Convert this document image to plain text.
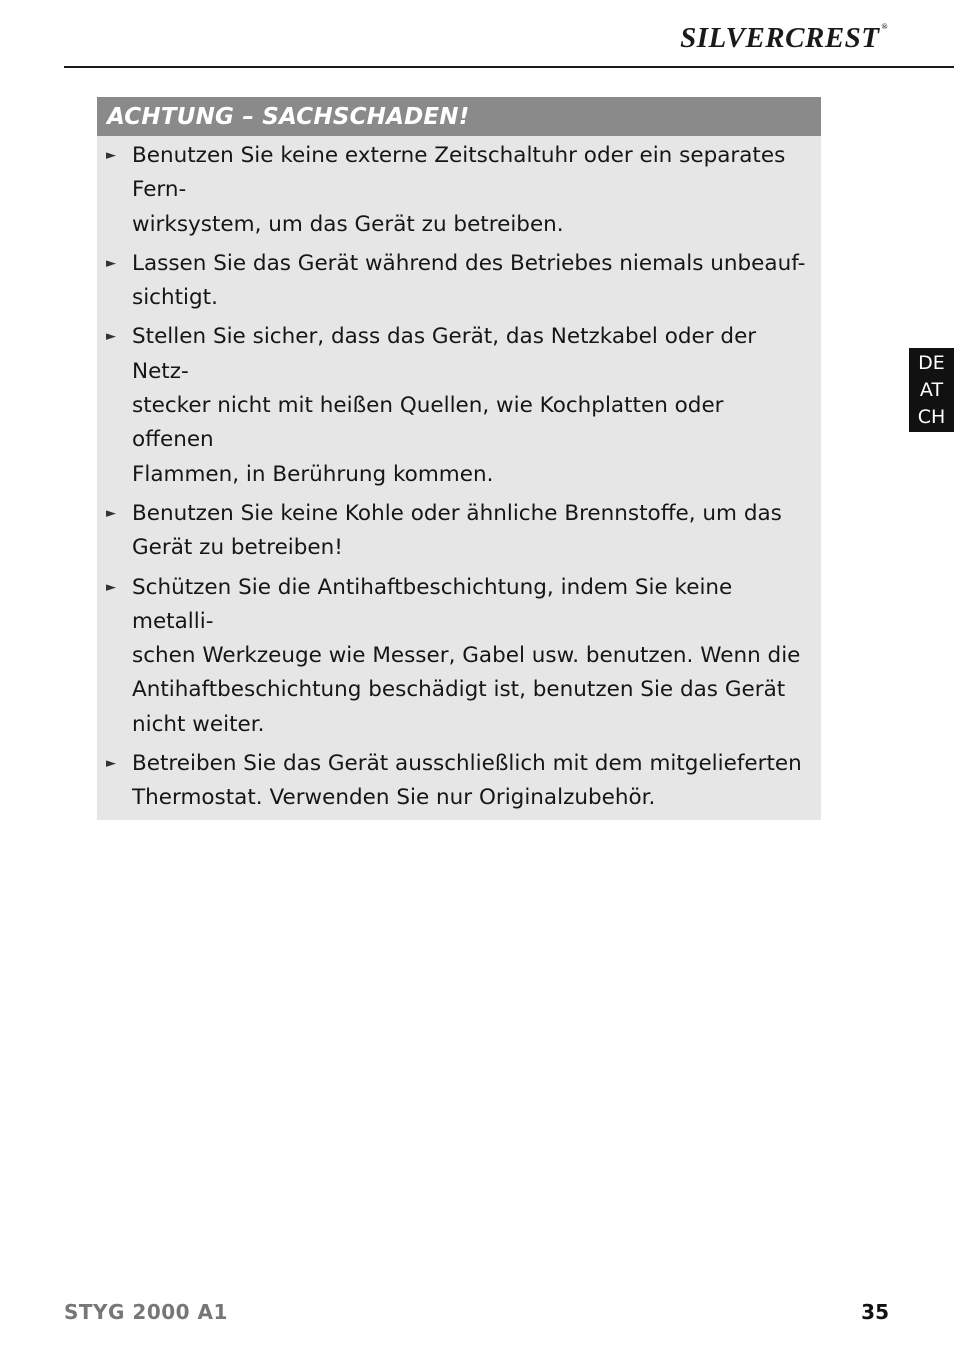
SILVERCREST ®
ACHTUNG – SACHSCHADEN!
► Benutzen Sie keine externe Zeitschaltuhr oder ein separates Fern-
wirksystem, um das Gerät zu betreiben.
► Lassen Sie das Gerät während des Betriebes niemals unbeauf-
sichtigt.
► Stellen Sie sicher, dass das Gerät, das Netzkabel oder der Netz-
stecker nicht mit heißen Quellen, wie Kochplatten oder offenen
Flammen, in Berührung kommen.
► Benutzen Sie keine Kohle oder ähnliche Brennstoffe, um das
Gerät zu betreiben!
► Schützen Sie die Antihaftbeschichtung, indem Sie keine metalli-
schen Werkzeuge wie Messer, Gabel usw. benutzen. Wenn die
Antihaftbeschichtung beschädigt ist, benutzen Sie das Gerät
nicht weiter.
► Betreiben Sie das Gerät ausschließlich mit dem mitgelieferten
Thermostat. Verwenden Sie nur Originalzubehör.
DE
AT
CH
STYG 2000 A1	35
